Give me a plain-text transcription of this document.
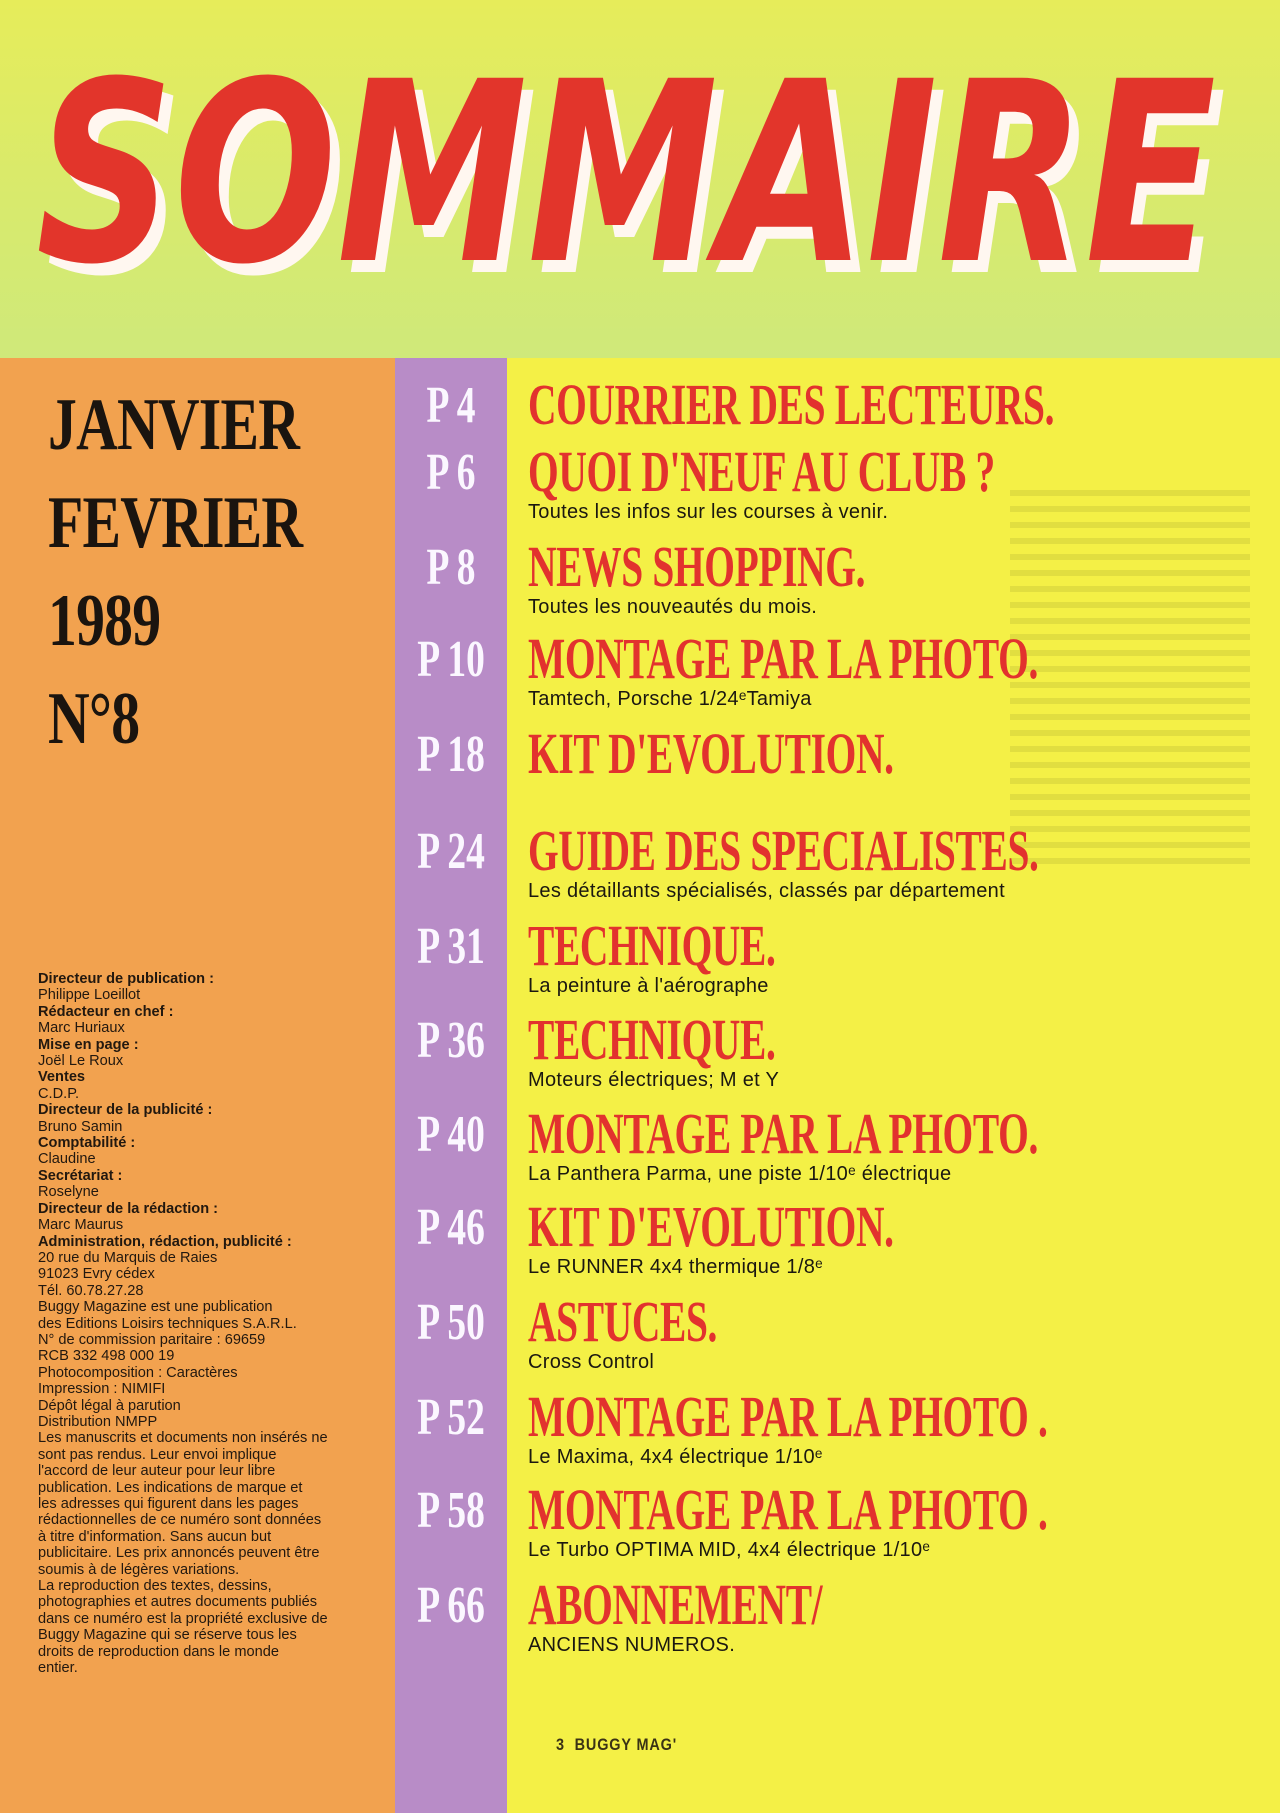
SOMMAIRE
SOMMAIRE
JANVIER
FEVRIER
1989
N°8
Directeur de publication :
Philippe Loeillot
Rédacteur en chef :
Marc Huriaux
Mise en page :
Joël Le Roux
Ventes
C.D.P.
Directeur de la publicité :
Bruno Samin
Comptabilité :
Claudine
Secrétariat :
Roselyne
Directeur de la rédaction :
Marc Maurus
Administration, rédaction, publicité :
20 rue du Marquis de Raies
91023 Evry cédex
Tél. 60.78.27.28
Buggy Magazine est une publication
des Editions Loisirs techniques S.A.R.L.
N° de commission paritaire : 69659
RCB 332 498 000 19
Photocomposition : Caractères
Impression : NIMIFI
Dépôt légal à parution
Distribution NMPP
Les manuscrits et documents non insérés ne
sont pas rendus. Leur envoi implique
l'accord de leur auteur pour leur libre
publication. Les indications de marque et
les adresses qui figurent dans les pages
rédactionnelles de ce numéro sont données
à titre d'information. Sans aucun but
publicitaire. Les prix annoncés peuvent être
soumis à de légères variations.
La reproduction des textes, dessins,
photographies et autres documents publiés
dans ce numéro est la propriété exclusive de
Buggy Magazine qui se réserve tous les
droits de reproduction dans le monde
entier.
P 4 COURRIER DES LECTEURS.
P 6 QUOI D'NEUF AU CLUB ?
Toutes les infos sur les courses à venir.
P 8 NEWS SHOPPING.
Toutes les nouveautés du mois.
P 10 MONTAGE PAR LA PHOTO.
Tamtech, Porsche 1/24ᵉTamiya
P 18 KIT D'EVOLUTION.
P 24 GUIDE DES SPECIALISTES.
Les détaillants spécialisés, classés par département
P 31 TECHNIQUE.
La peinture à l'aérographe
P 36 TECHNIQUE.
Moteurs électriques; M et Y
P 40 MONTAGE PAR LA PHOTO.
La Panthera Parma, une piste 1/10ᵉ électrique
P 46 KIT D'EVOLUTION.
Le RUNNER 4x4 thermique 1/8ᵉ
P 50 ASTUCES.
Cross Control
P 52 MONTAGE PAR LA PHOTO .
Le Maxima, 4x4 électrique 1/10ᵉ
P 58 MONTAGE PAR LA PHOTO .
Le Turbo OPTIMA MID, 4x4 électrique 1/10ᵉ
P 66 ABONNEMENT/
ANCIENS NUMEROS.
3 BUGGY MAG'
